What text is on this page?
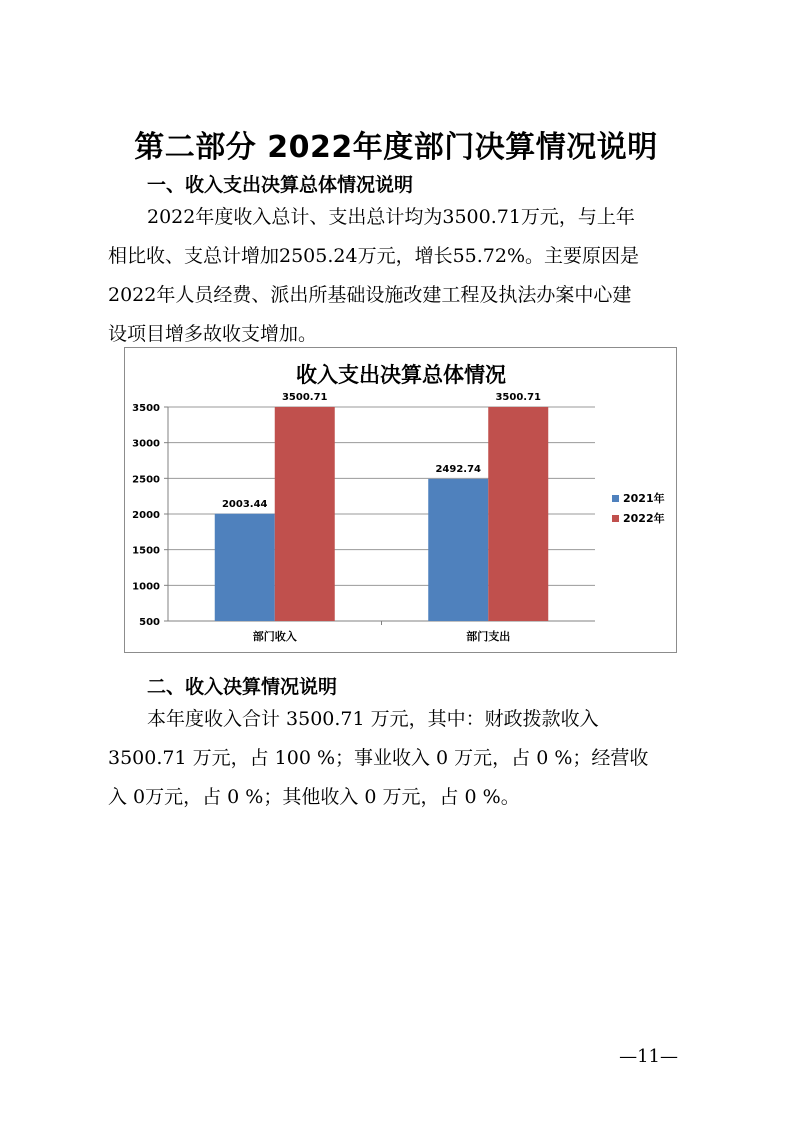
第二部分 2022年度部门决算情况说明
一、收入支出决算总体情况说明
2022年度收入总计、支出总计均为3500.71万元，与上年
相比收、支总计增加2505.24万元，增长55.72%。主要原因是
2022年人员经费、派出所基础设施改建工程及执法办案中心建
设项目增多故收支增加。
收入支出决算总体情况
500
1000
1500
2000
2500
3000
3500
2003.44
3500.71
部门收入
2492.74
3500.71
部门支出
2021年
2022年
二、收入决算情况说明
本年度收入合计 3500.71 万元，其中：财政拨款收入
3500.71 万元，占 100 %；事业收入 0 万元，占 0 %；经营收
入 0万元，占 0 %；其他收入 0 万元，占 0 %。
—11—
